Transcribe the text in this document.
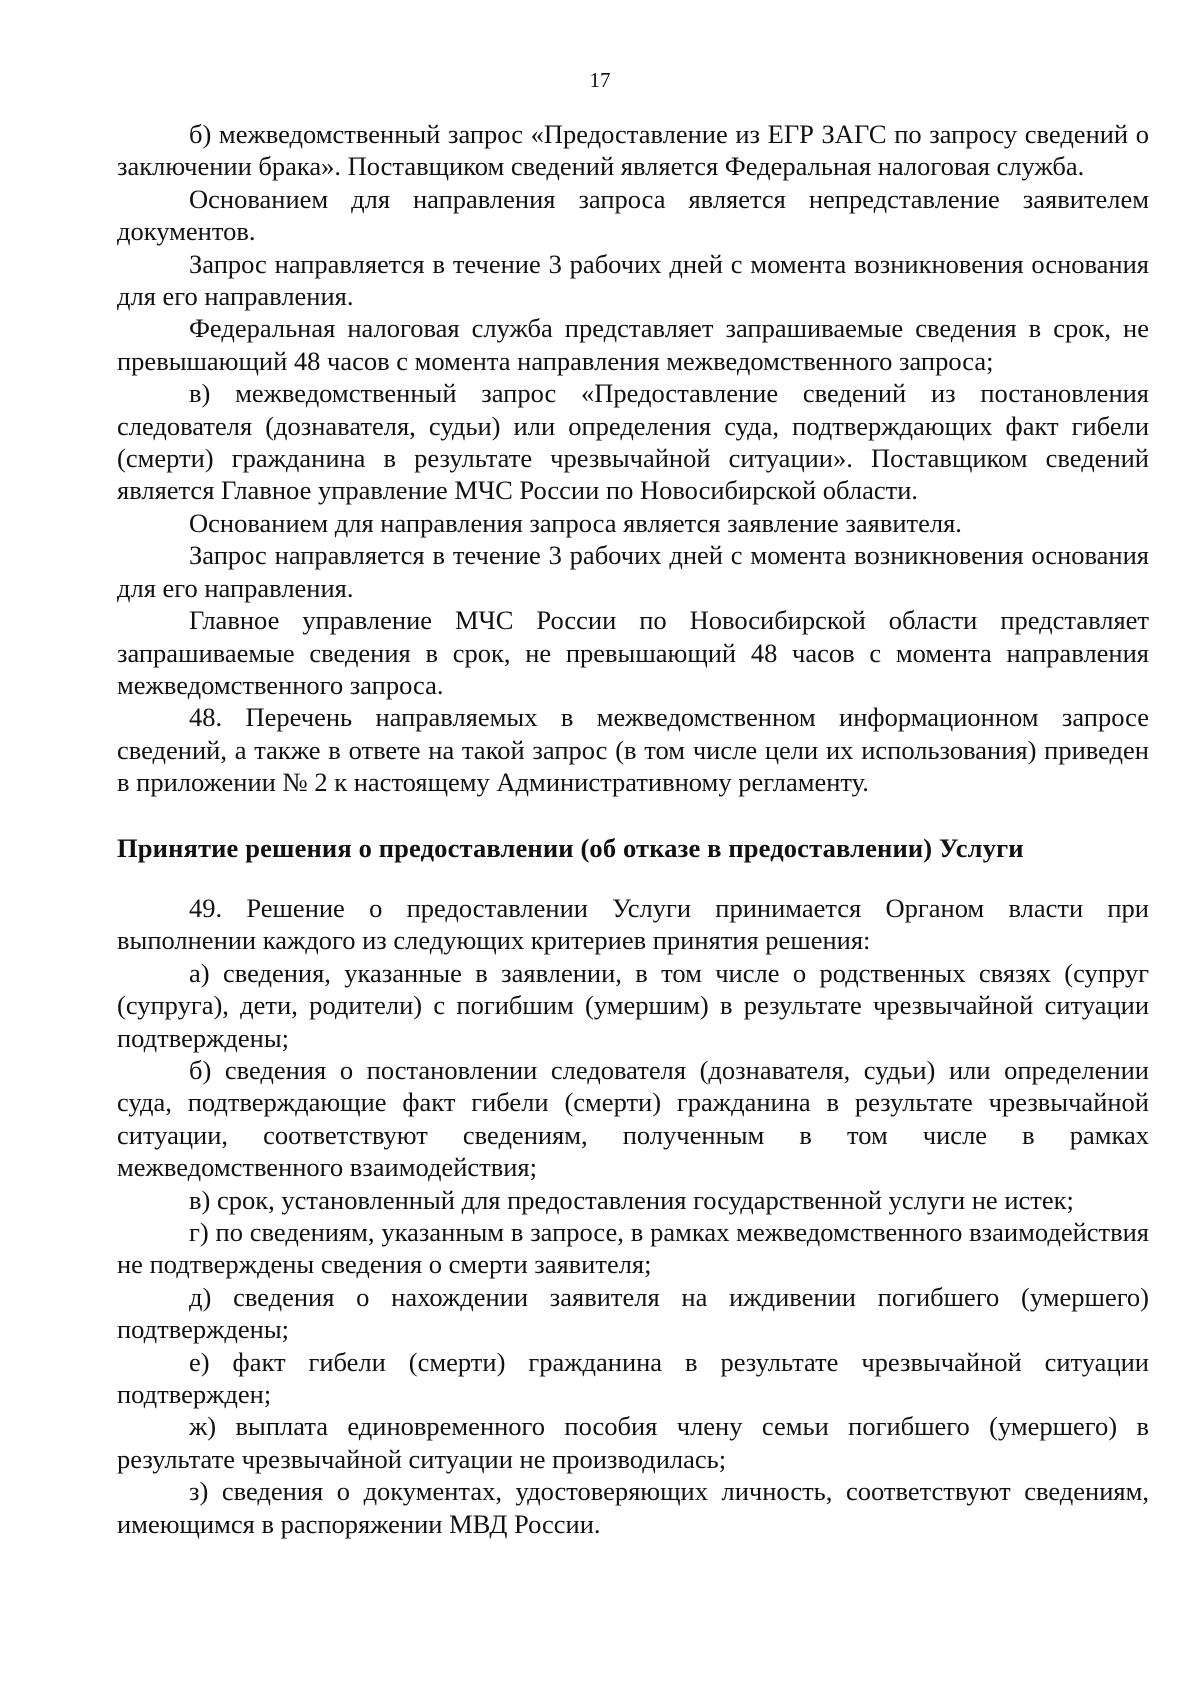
17

б) межведомственный запрос «Предоставление из ЕГР ЗАГС по запросу сведений о заключении брака». Поставщиком сведений является Федеральная налоговая служба.

Основанием для направления запроса является непредставление заявителем документов.

Запрос направляется в течение 3 рабочих дней с момента возникновения основания для его направления.

Федеральная налоговая служба представляет запрашиваемые сведения в срок, не превышающий 48 часов с момента направления межведомственного запроса;

в) межведомственный запрос «Предоставление сведений из постановления следователя (дознавателя, судьи) или определения суда, подтверждающих факт гибели (смерти) гражданина в результате чрезвычайной ситуации». Поставщиком сведений является Главное управление МЧС России по Новосибирской области.

Основанием для направления запроса является заявление заявителя.

Запрос направляется в течение 3 рабочих дней с момента возникновения основания для его направления.

Главное управление МЧС России по Новосибирской области представляет запрашиваемые сведения в срок, не превышающий 48 часов с момента направления межведомственного запроса.

48. Перечень направляемых в межведомственном информационном запросе сведений, а также в ответе на такой запрос (в том числе цели их использования) приведен в приложении № 2 к настоящему Административному регламенту.

Принятие решения о предоставлении (об отказе в предоставлении) Услуги

49. Решение о предоставлении Услуги принимается Органом власти при выполнении каждого из следующих критериев принятия решения:

а) сведения, указанные в заявлении, в том числе о родственных связях (супруг (супруга), дети, родители) с погибшим (умершим) в результате чрезвычайной ситуации подтверждены;

б) сведения о постановлении следователя (дознавателя, судьи) или определении суда, подтверждающие факт гибели (смерти) гражданина в результате чрезвычайной ситуации, соответствуют сведениям, полученным в том числе в рамках межведомственного взаимодействия;

в) срок, установленный для предоставления государственной услуги не истек;

г) по сведениям, указанным в запросе, в рамках межведомственного взаимодействия не подтверждены сведения о смерти заявителя;

д) сведения о нахождении заявителя на иждивении погибшего (умершего) подтверждены;

е) факт гибели (смерти) гражданина в результате чрезвычайной ситуации подтвержден;

ж) выплата единовременного пособия члену семьи погибшего (умершего) в результате чрезвычайной ситуации не производилась;

з) сведения о документах, удостоверяющих личность, соответствуют сведениям, имеющимся в распоряжении МВД России.
